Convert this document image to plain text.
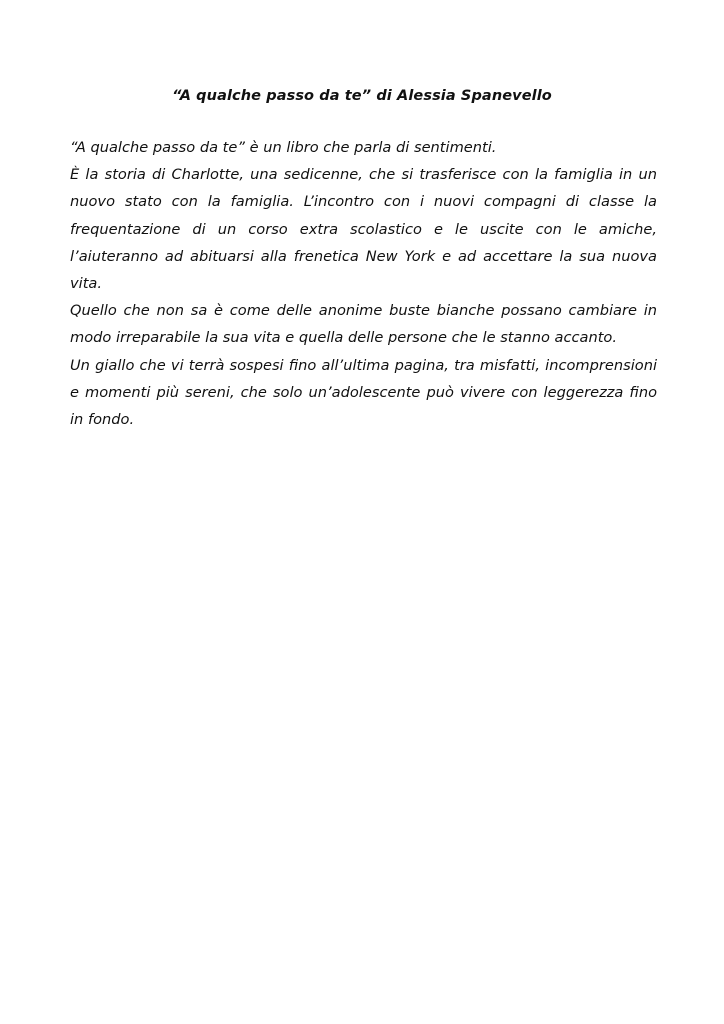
“A qualche passo da te” di Alessia Spanevello

“A qualche passo da te” è un libro che parla di sentimenti.

È la storia di Charlotte, una sedicenne, che si trasferisce con la famiglia in un nuovo stato con la famiglia. L’incontro con i nuovi compagni di classe la frequentazione di un corso extra scolastico e le uscite con le amiche, l’aiuteranno ad abituarsi alla frenetica New York e ad accettare la sua nuova vita.

Quello che non sa è come delle anonime buste bianche possano cambiare in modo irreparabile la sua vita e quella delle persone che le stanno accanto.

Un giallo che vi terrà sospesi fino all’ultima pagina, tra misfatti, incomprensioni e momenti più sereni, che solo un’adolescente può vivere con leggerezza fino in fondo.
